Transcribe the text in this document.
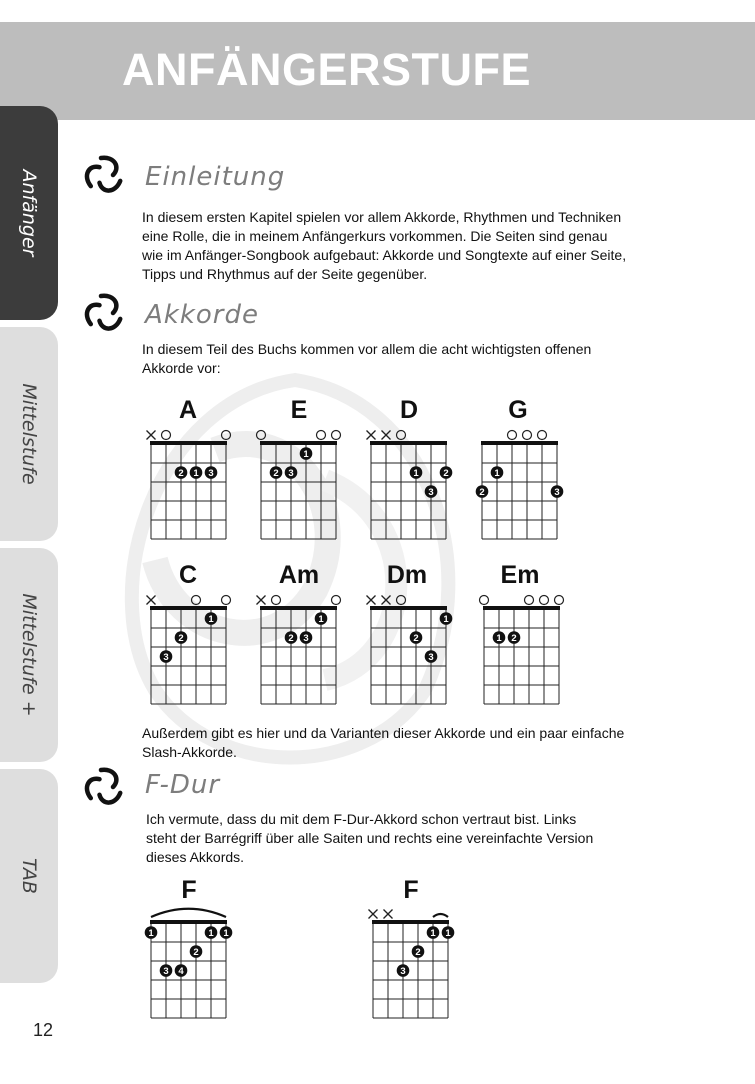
ANFÄNGERSTUFE
Anfänger
Mittelstufe
Mittelstufe +
TAB
Einleitung
In diesem ersten Kapitel spielen vor allem Akkorde, Rhythmen und Techniken
eine Rolle, die in meinem Anfängerkurs vorkommen. Die Seiten sind genau
wie im Anfänger-Songbook aufgebaut: Akkorde und Songtexte auf einer Seite,
Tipps und Rhythmus auf der Seite gegenüber.
Akkorde
In diesem Teil des Buchs kommen vor allem die acht wichtigsten offenen
Akkorde vor:
A	E	D	G
C	Am	Dm	Em
2 1 3	2 3
1
1	2
3
1
2	3
1
2
3
1
2 3
1
2
3
1 2
Außerdem gibt es hier und da Varianten dieser Akkorde und ein paar einfache
Slash-Akkorde.
F-Dur
Ich vermute, dass du mit dem F-Dur-Akkord schon vertraut bist. Links
steht der Barrégriff über alle Saiten und rechts eine vereinfachte Version
dieses Akkords.
F	F
1	1 1
2
3 4
1 1
2
3
12
